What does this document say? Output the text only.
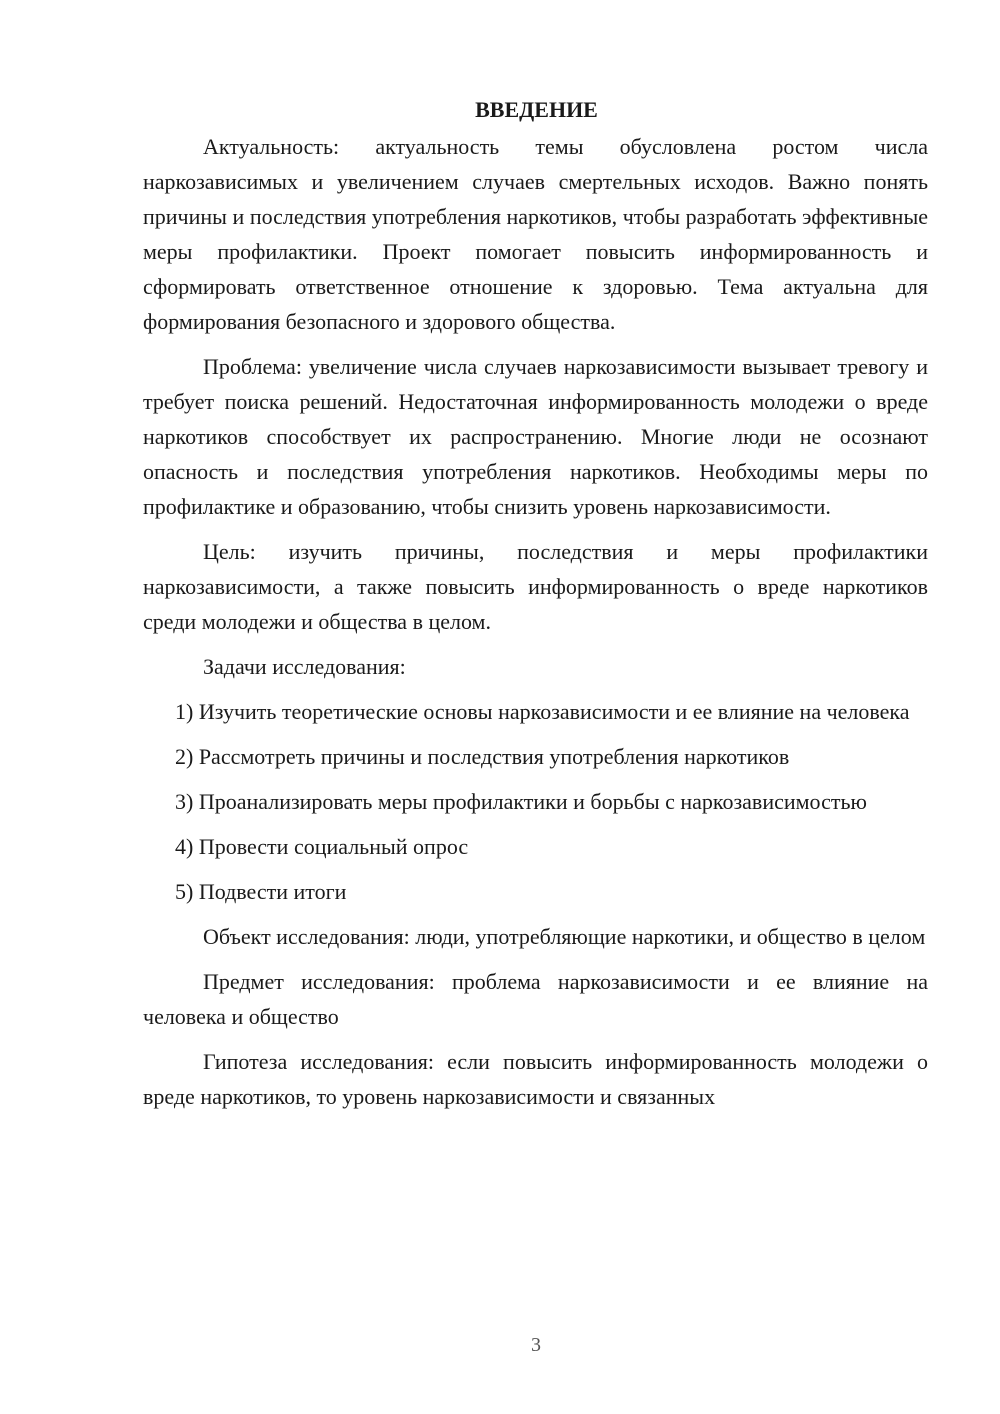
ВВЕДЕНИЕ

Актуальность: актуальность темы обусловлена ростом числа наркозависимых и увеличением случаев смертельных исходов. Важно понять причины и последствия употребления наркотиков, чтобы разработать эффективные меры профилактики. Проект помогает повысить информированность и сформировать ответственное отношение к здоровью. Тема актуальна для формирования безопасного и здорового общества.

Проблема: увеличение числа случаев наркозависимости вызывает тревогу и требует поиска решений. Недостаточная информированность молодежи о вреде наркотиков способствует их распространению. Многие люди не осознают опасность и последствия употребления наркотиков. Необходимы меры по профилактике и образованию, чтобы снизить уровень наркозависимости.

Цель: изучить причины, последствия и меры профилактики наркозависимости, а также повысить информированность о вреде наркотиков среди молодежи и общества в целом.

Задачи исследования:

1) Изучить теоретические основы наркозависимости и ее влияние на человека

2) Рассмотреть причины и последствия употребления наркотиков

3) Проанализировать меры профилактики и борьбы с наркозависимостью

4) Провести социальный опрос

5) Подвести итоги

Объект исследования: люди, употребляющие наркотики, и общество в целом

Предмет исследования: проблема наркозависимости и ее влияние на человека и общество

Гипотеза исследования: если повысить информированность молодежи о вреде наркотиков, то уровень наркозависимости и связанных

3
